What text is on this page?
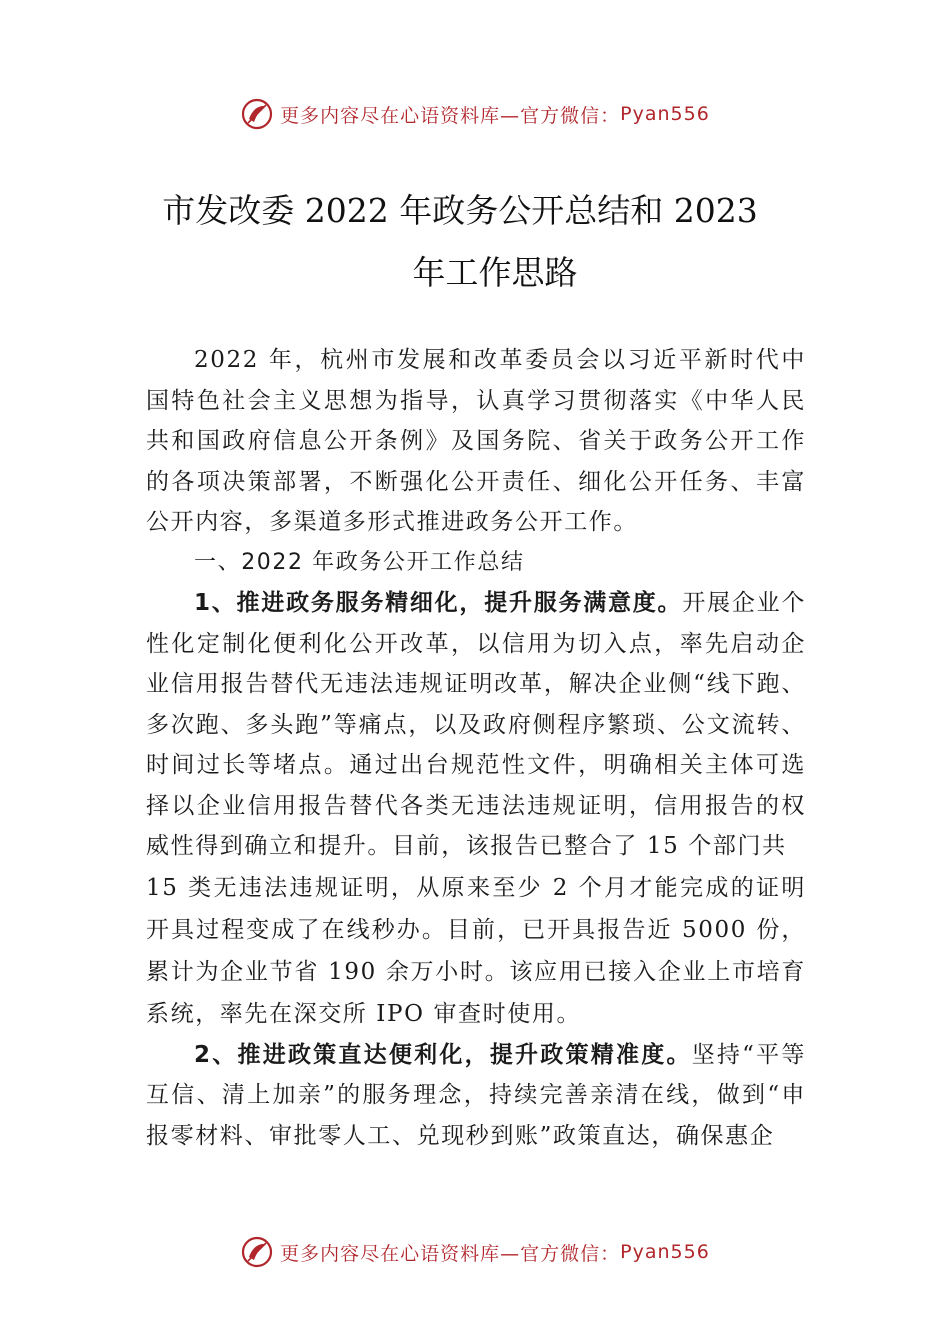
更多内容尽在心语资料库—官方微信： Pyan556
市发改委 2022 年政务公开总结和 2023
年工作思路

2022 年，杭州市发展和改革委员会以习近平新时代中国特色社会主义思想为指导，认真学习贯彻落实《中华人民共和国政府信息公开条例》及国务院、省关于政务公开工作的各项决策部署，不断强化公开责任、细化公开任务、丰富公开内容，多渠道多形式推进政务公开工作。

一、2022 年政务公开工作总结

1、推进政务服务精细化，提升服务满意度。开展企业个性化定制化便利化公开改革，以信用为切入点，率先启动企业信用报告替代无违法违规证明改革，解决企业侧“线下跑、多次跑、多头跑”等痛点，以及政府侧程序繁琐、公文流转、时间过长等堵点。通过出台规范性文件，明确相关主体可选择以企业信用报告替代各类无违法违规证明，信用报告的权威性得到确立和提升。目前，该报告已整合了 15 个部门共

15 类无违法违规证明，从原来至少 2 个月才能完成的证明开具过程变成了在线秒办。目前，已开具报告近 5000 份，累计为企业节省 190 余万小时。该应用已接入企业上市培育系统，率先在深交所 IPO 审查时使用。

2、推进政策直达便利化，提升政策精准度。坚持“平等 互信、清上加亲”的服务理念，持续完善亲清在线，做到“申报零材料、审批零人工、兑现秒到账”政策直达，确保惠企

更多内容尽在心语资料库—官方微信： Pyan556
